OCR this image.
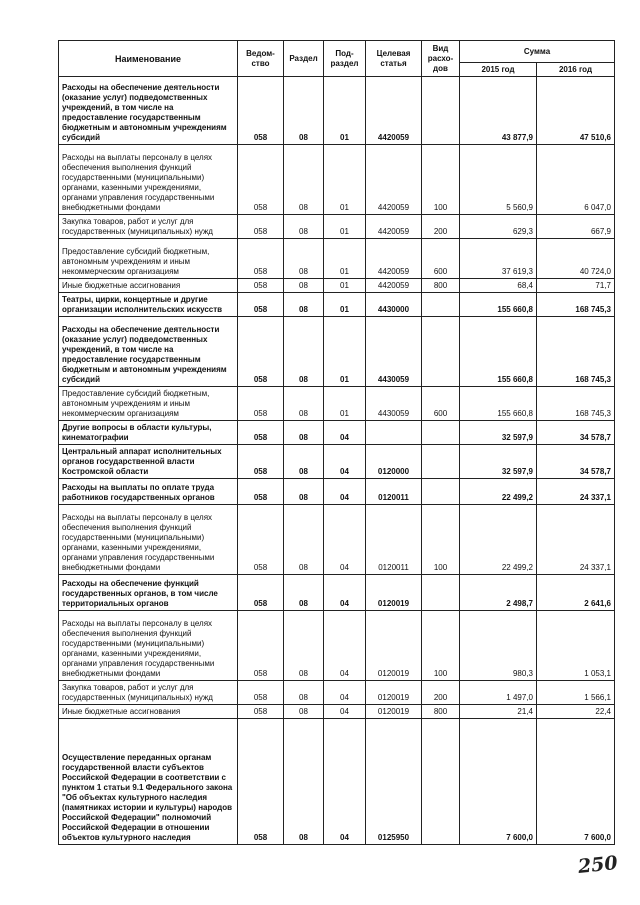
Наименование	Ведом-ство	Раздел	Под-раздел	Целевая статья	Вид расхо-дов	Сумма	
						2015 год	2016 год
Расходы на обеспечение деятельности (оказание услуг) подведомственных учреждений, в том числе на предоставление государственным бюджетным и автономным учреждениям субсидий	058	08	01	4420059		43 877,9	47 510,6
Расходы на выплаты персоналу в целях обеспечения выполнения функций государственными (муниципальными) органами, казенными учреждениями, органами управления государственными внебюджетными фондами	058	08	01	4420059	100	5 560,9	6 047,0
Закупка товаров, работ и услуг для государственных (муниципальных) нужд	058	08	01	4420059	200	629,3	667,9
Предоставление субсидий бюджетным, автономным учреждениям и иным некоммерческим организациям	058	08	01	4420059	600	37 619,3	40 724,0
Иные бюджетные ассигнования	058	08	01	4420059	800	68,4	71,7
Театры, цирки, концертные и другие организации исполнительских искусств	058	08	01	4430000		155 660,8	168 745,3
Расходы на обеспечение деятельности (оказание услуг) подведомственных учреждений, в том числе на предоставление государственным бюджетным и автономным учреждениям субсидий	058	08	01	4430059		155 660,8	168 745,3
Предоставление субсидий бюджетным, автономным учреждениям и иным некоммерческим организациям	058	08	01	4430059	600	155 660,8	168 745,3
Другие вопросы в области культуры, кинематографии	058	08	04			32 597,9	34 578,7
Центральный аппарат исполнительных органов государственной власти Костромской области	058	08	04	0120000		32 597,9	34 578,7
Расходы на выплаты по оплате труда работников государственных органов	058	08	04	0120011		22 499,2	24 337,1
Расходы на выплаты персоналу в целях обеспечения выполнения функций государственными (муниципальными) органами, казенными учреждениями, органами управления государственными внебюджетными фондами	058	08	04	0120011	100	22 499,2	24 337,1
Расходы на обеспечение функций государственных органов, в том числе территориальных органов	058	08	04	0120019		2 498,7	2 641,6
Расходы на выплаты персоналу в целях обеспечения выполнения функций государственными (муниципальными) органами, казенными учреждениями, органами управления государственными внебюджетными фондами	058	08	04	0120019	100	980,3	1 053,1
Закупка товаров, работ и услуг для государственных (муниципальных) нужд	058	08	04	0120019	200	1 497,0	1 566,1
Иные бюджетные ассигнования	058	08	04	0120019	800	21,4	22,4
Осуществление переданных органам государственной власти субъектов Российской Федерации в соответствии с пунктом 1 статьи 9.1 Федерального закона "Об объектах культурного наследия (памятниках истории и культуры) народов Российской Федерации" полномочий Российской Федерации в отношении объектов культурного наследия	058	08	04	0125950		7 600,0	7 600,0
250
